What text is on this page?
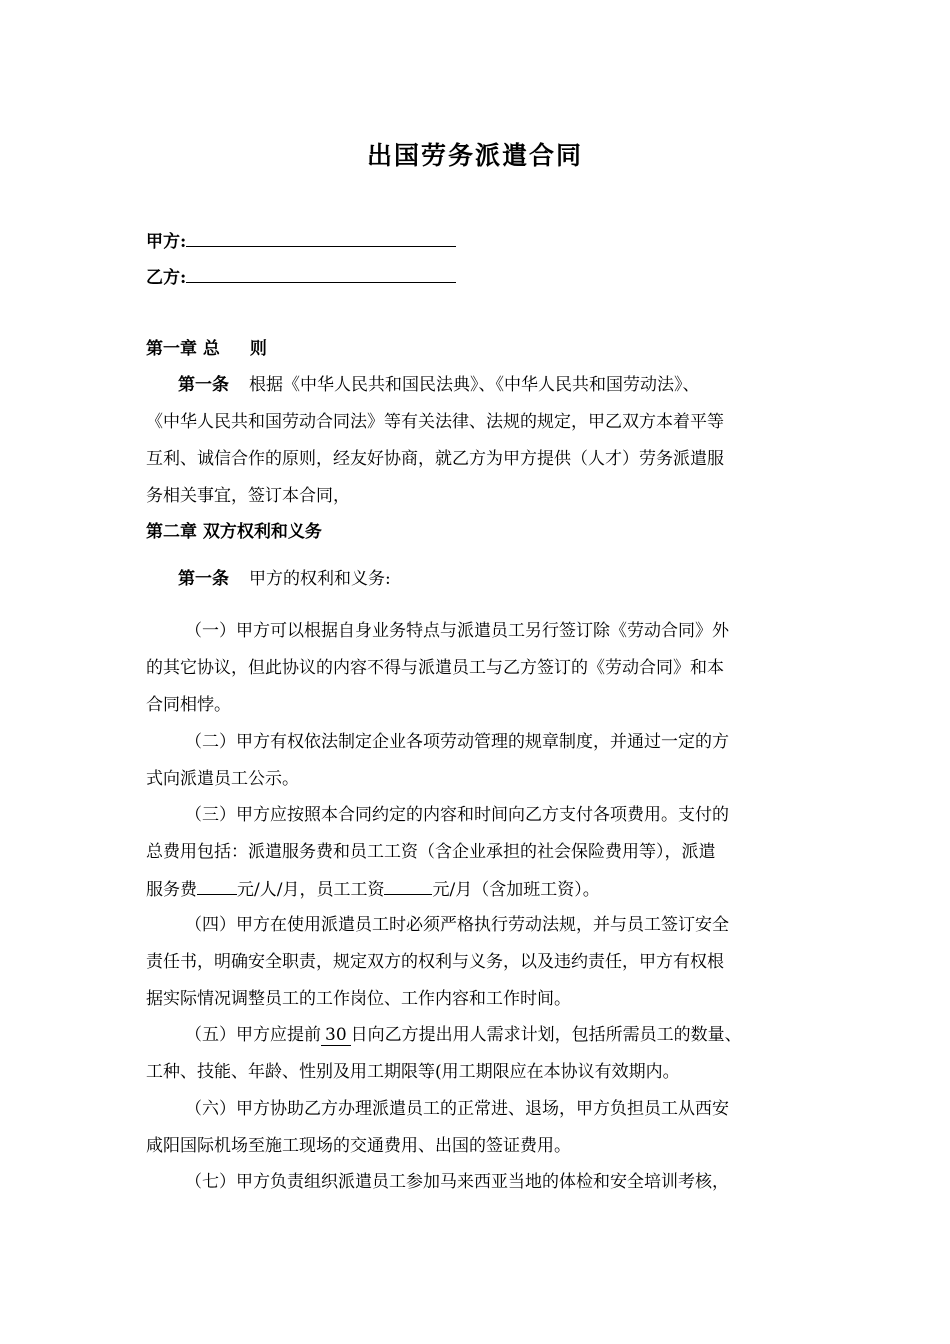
出国劳务派遣合同
甲方:
乙方:
第一章 总 则
第一条 根据《中华人民共和国民法典》、《中华人民共和国劳动法》、
《中华人民共和国劳动合同法》等有关法律、法规的规定，甲乙双方本着平等
互利、诚信合作的原则，经友好协商，就乙方为甲方提供（人才）劳务派遣服
务相关事宜，签订本合同，
第二章 双方权利和义务
第一条 甲方的权利和义务:
（一）甲方可以根据自身业务特点与派遣员工另行签订除《劳动合同》外
的其它协议，但此协议的内容不得与派遣员工与乙方签订的《劳动合同》和本
合同相悖。
（二）甲方有权依法制定企业各项劳动管理的规章制度，并通过一定的方
式向派遣员工公示。
（三）甲方应按照本合同约定的内容和时间向乙方支付各项费用。支付的
总费用包括：派遣服务费和员工工资（含企业承担的社会保险费用等），派遣
服务费 元/人/月，员工工资	元/月（含加班工资）。
（四）甲方在使用派遣员工时必须严格执行劳动法规，并与员工签订安全
责任书，明确安全职责，规定双方的权利与义务，以及违约责任，甲方有权根
据实际情况调整员工的工作岗位、工作内容和工作时间。
（五）甲方应提前 30 日向乙方提出用人需求计划，包括所需员工的数量、
工种、技能、年龄、性别及用工期限等(用工期限应在本协议有效期内。
（六）甲方协助乙方办理派遣员工的正常进、退场，甲方负担员工从西安
咸阳国际机场至施工现场的交通费用、出国的签证费用。
（七）甲方负责组织派遣员工参加马来西亚当地的体检和安全培训考核，
